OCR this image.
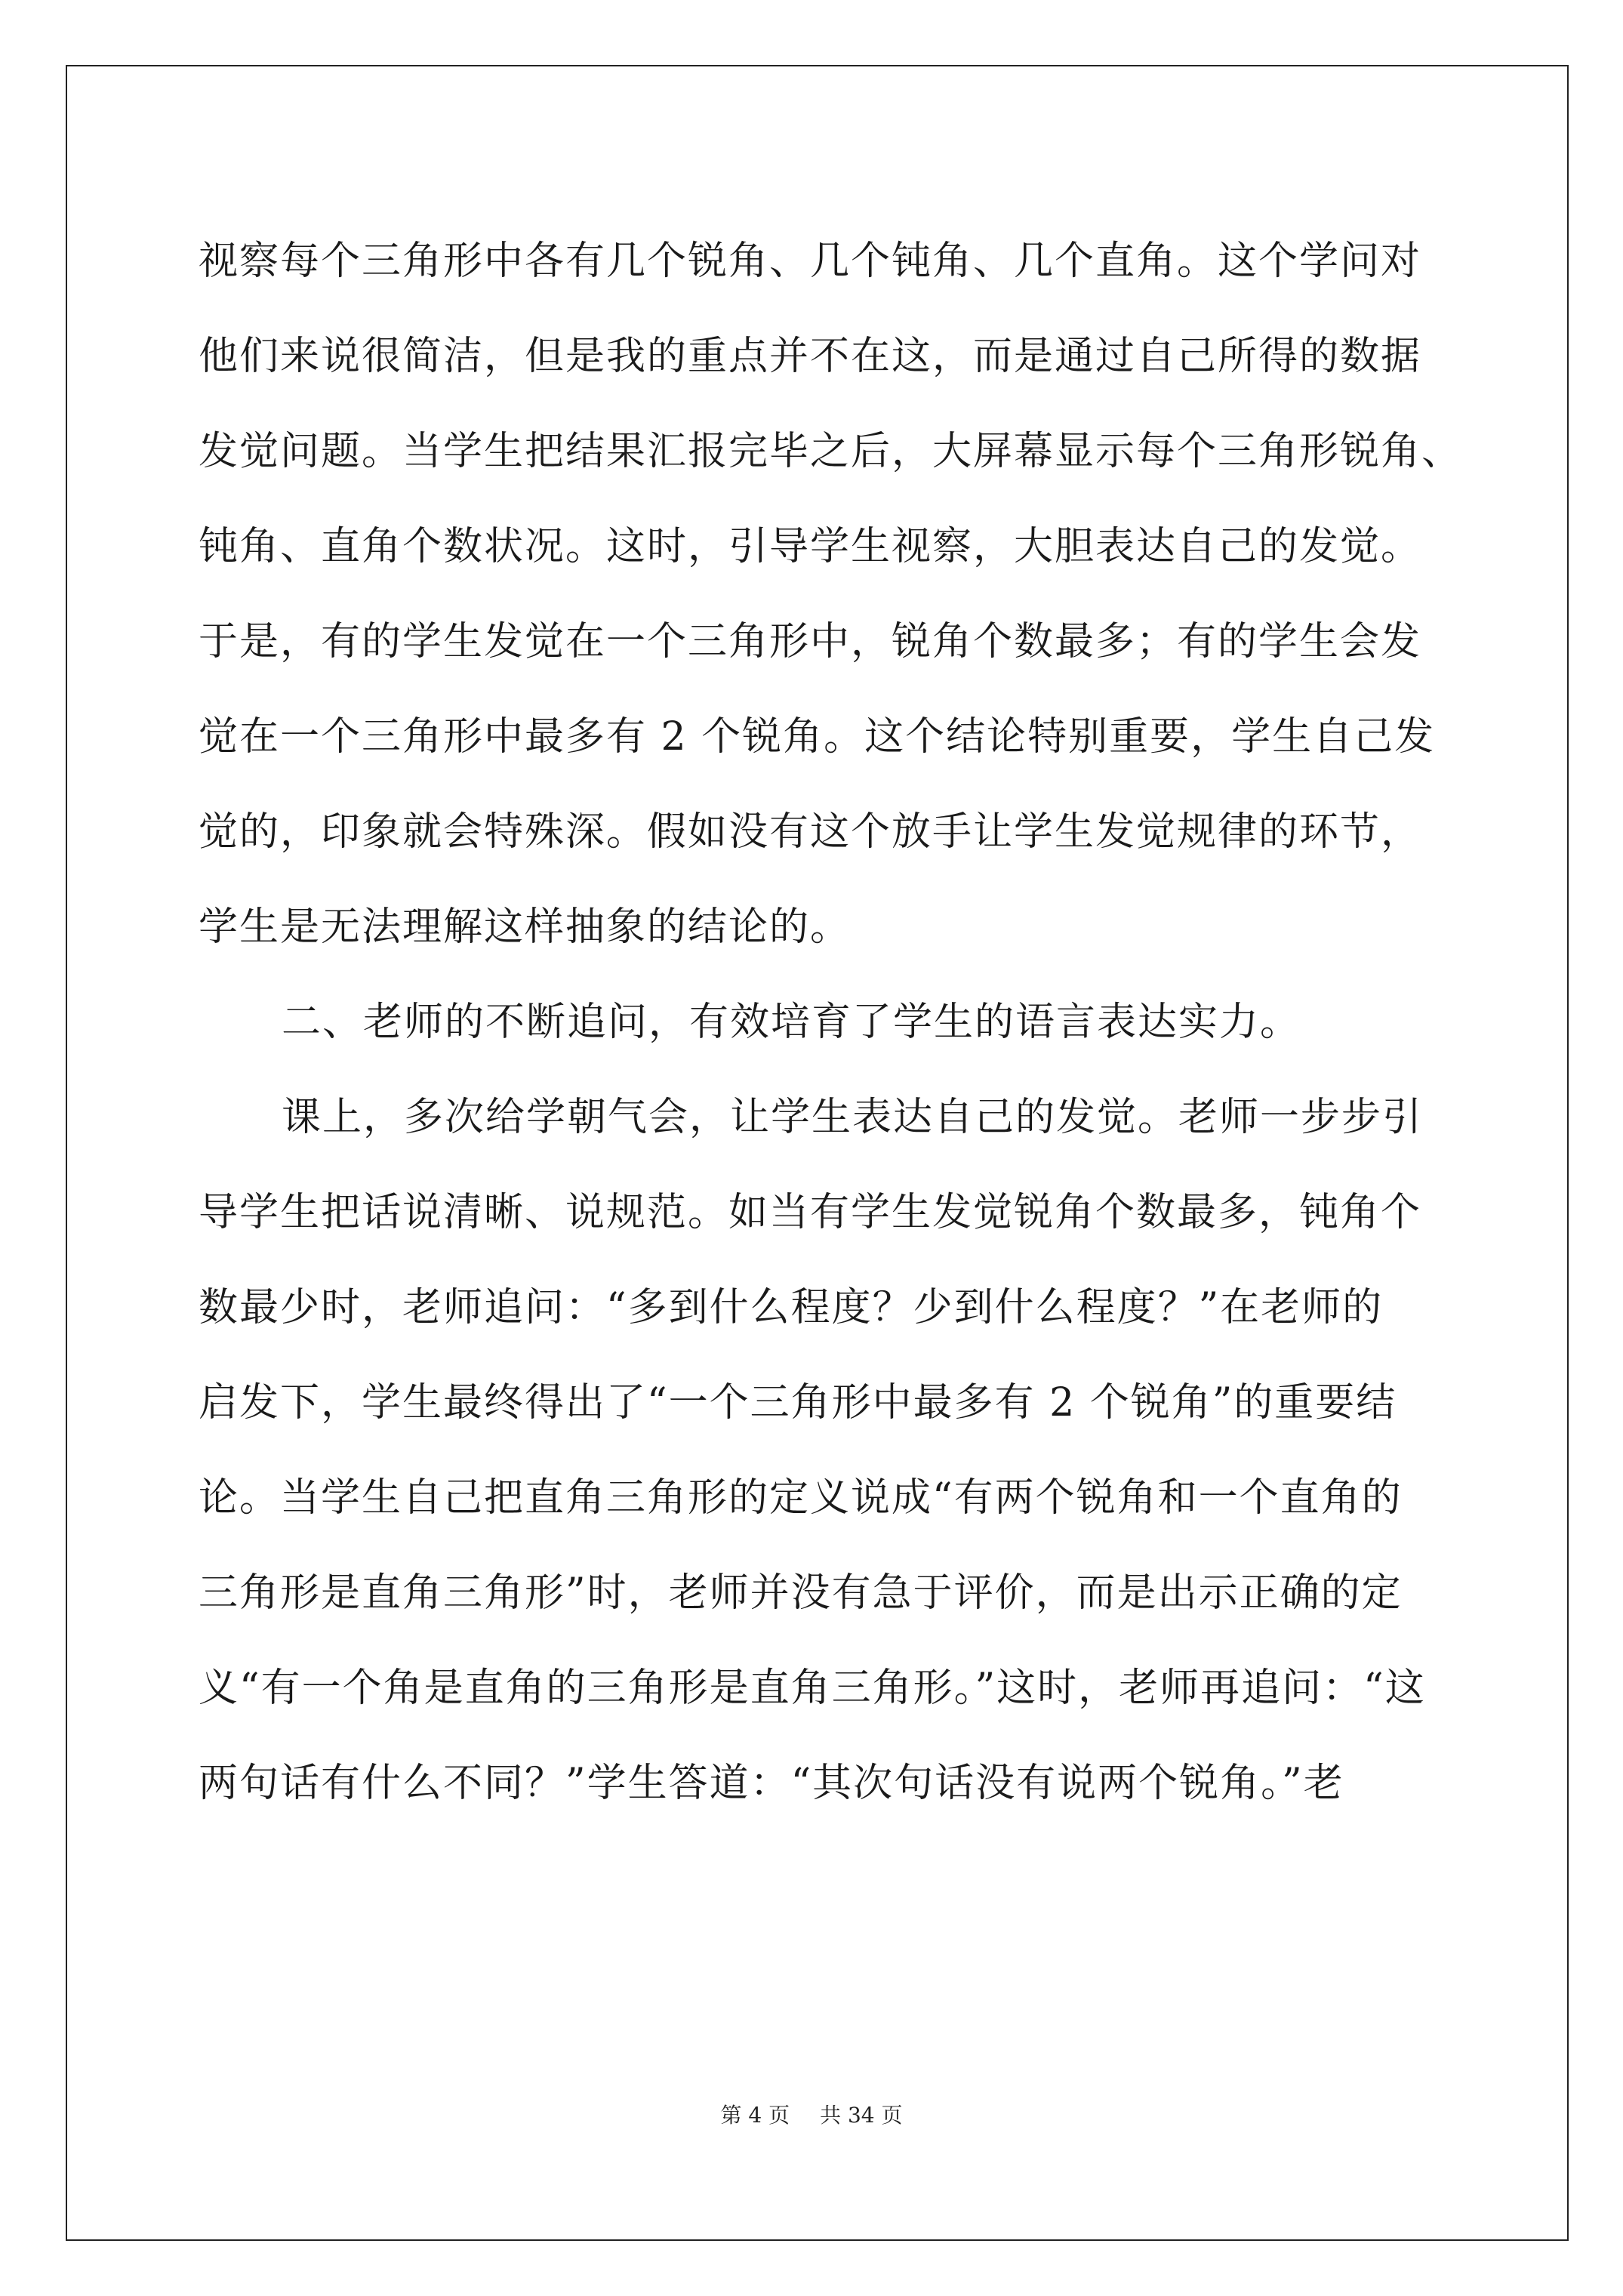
视察每个三角形中各有几个锐角、几个钝角、几个直角。这个学问对
他们来说很简洁，但是我的重点并不在这，而是通过自己所得的数据
发觉问题。当学生把结果汇报完毕之后，大屏幕显示每个三角形锐角、
钝角、直角个数状况。这时，引导学生视察，大胆表达自己的发觉。
于是，有的学生发觉在一个三角形中，锐角个数最多；有的学生会发
觉在一个三角形中最多有 2 个锐角。这个结论特别重要，学生自己发
觉的，印象就会特殊深。假如没有这个放手让学生发觉规律的环节，
学生是无法理解这样抽象的结论的。
二、老师的不断追问，有效培育了学生的语言表达实力。
课上，多次给学朝气会，让学生表达自己的发觉。老师一步步引
导学生把话说清晰、说规范。如当有学生发觉锐角个数最多，钝角个
数最少时，老师追问：“多到什么程度？少到什么程度？”在老师的
启发下，学生最终得出了“一个三角形中最多有 2 个锐角”的重要结
论。当学生自己把直角三角形的定义说成“有两个锐角和一个直角的
三角形是直角三角形”时，老师并没有急于评价，而是出示正确的定
义“有一个角是直角的三角形是直角三角形。”这时，老师再追问：“这
两句话有什么不同？”学生答道：“其次句话没有说两个锐角。”老
第 4 页 共 34 页
